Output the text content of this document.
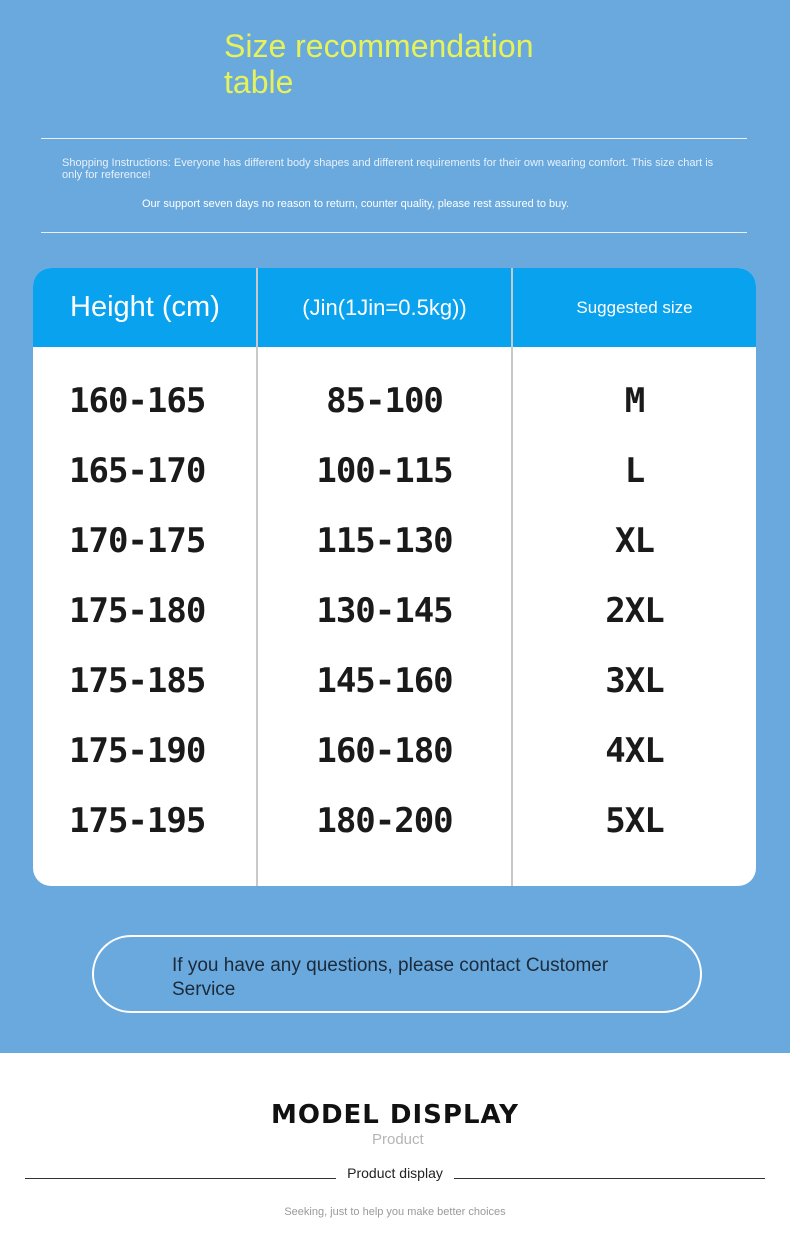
Size recommendation table
Shopping Instructions: Everyone has different body shapes and different requirements for their own wearing comfort. This size chart is only for reference!
Our support seven days no reason to return, counter quality, please rest assured to buy.
Height (cm)	(Jin(1Jin=0.5kg))	Suggested size
160-165	85-100	M
165-170	100-115	L
170-175	115-130	XL
175-180	130-145	2XL
175-185	145-160	3XL
175-190	160-180	4XL
175-195	180-200	5XL
If you have any questions, please contact Customer Service
MODEL DISPLAY
Product
Product display
Seeking, just to help you make better choices
